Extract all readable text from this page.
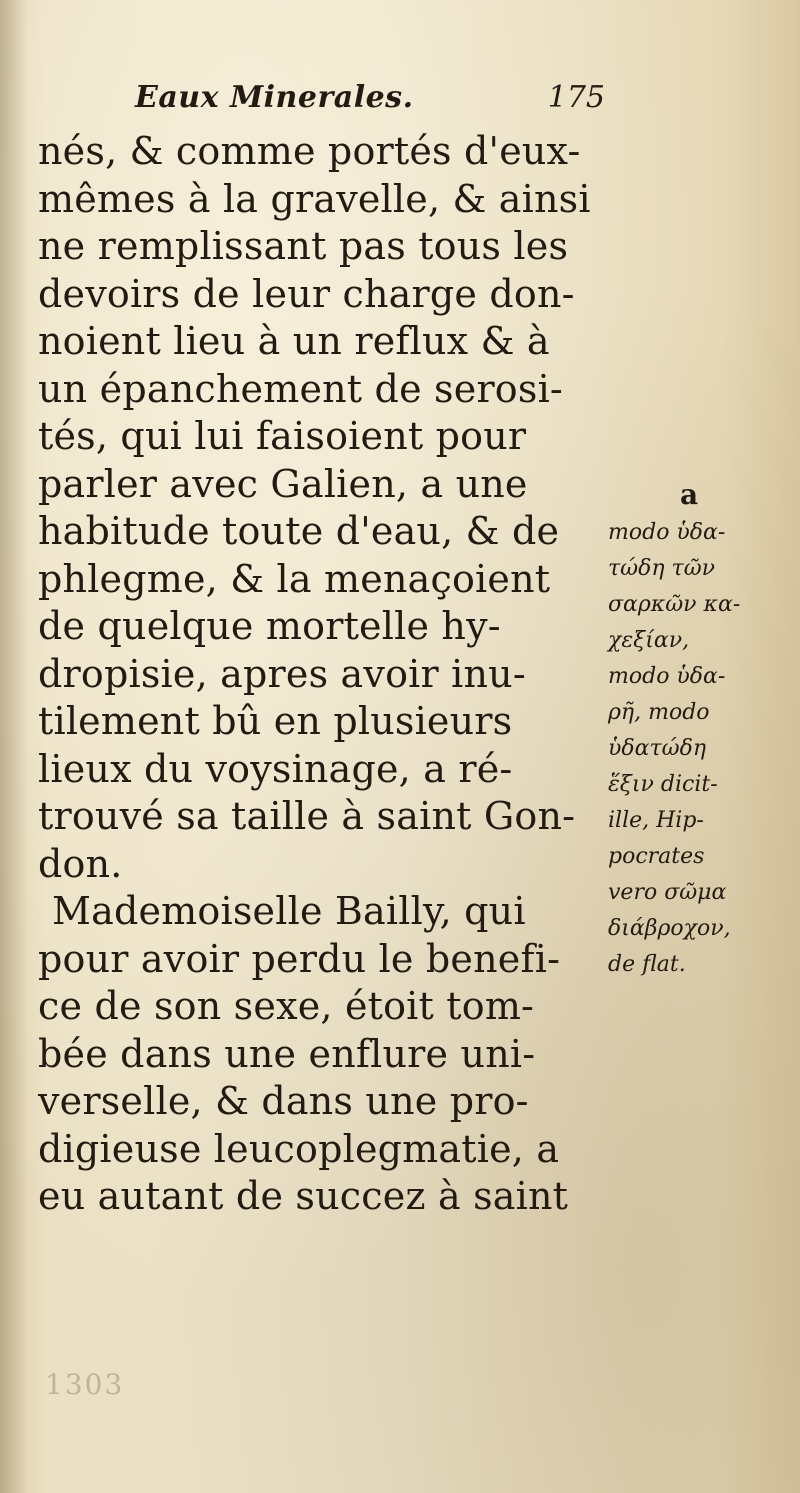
Eaux Minerales.	175
nés, & comme portés d'eux-
mêmes à la gravelle, & ainsi
ne remplissant pas tous les
devoirs de leur charge don-
noient lieu à un reflux & à
un épanchement de serosi-
tés, qui lui faisoient pour
parler avec Galien, a une
habitude toute d'eau, & de
phlegme, & la menaçoient
de quelque mortelle hy-
dropisie, apres avoir inu-
tilement bû en plusieurs
lieux du voysinage, a ré-
trouvé sa taille à saint Gon-
don.
Mademoiselle Bailly, qui
pour avoir perdu le benefi-
ce de son sexe, étoit tom-
bée dans une enflure uni-
verselle, & dans une pro-
digieuse leucoplegmatie, a
eu autant de succez à saint
a
modo ὑδα-
τώδη τῶν
σαρκῶν κα-
χεξίαν,
modo ὑδα-
ρῆ, modo
ὑδατώδη
ἕξιν dicit-
ille, Hip-
pocrates
vero σῶμα
διάβροχον,
de flat.
1303
